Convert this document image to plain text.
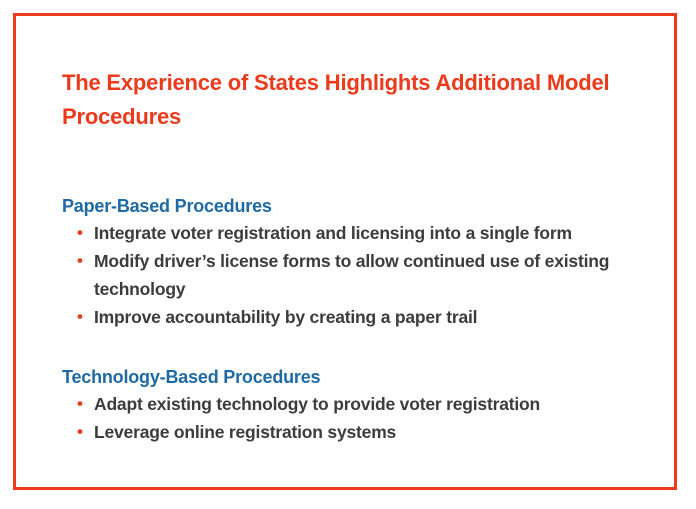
The Experience of States Highlights Additional Model Procedures
Paper-Based Procedures
• Integrate voter registration and licensing into a single form
• Modify driver’s license forms to allow continued use of existing technology
• Improve accountability by creating a paper trail
Technology-Based Procedures
• Adapt existing technology to provide voter registration
• Leverage online registration systems
